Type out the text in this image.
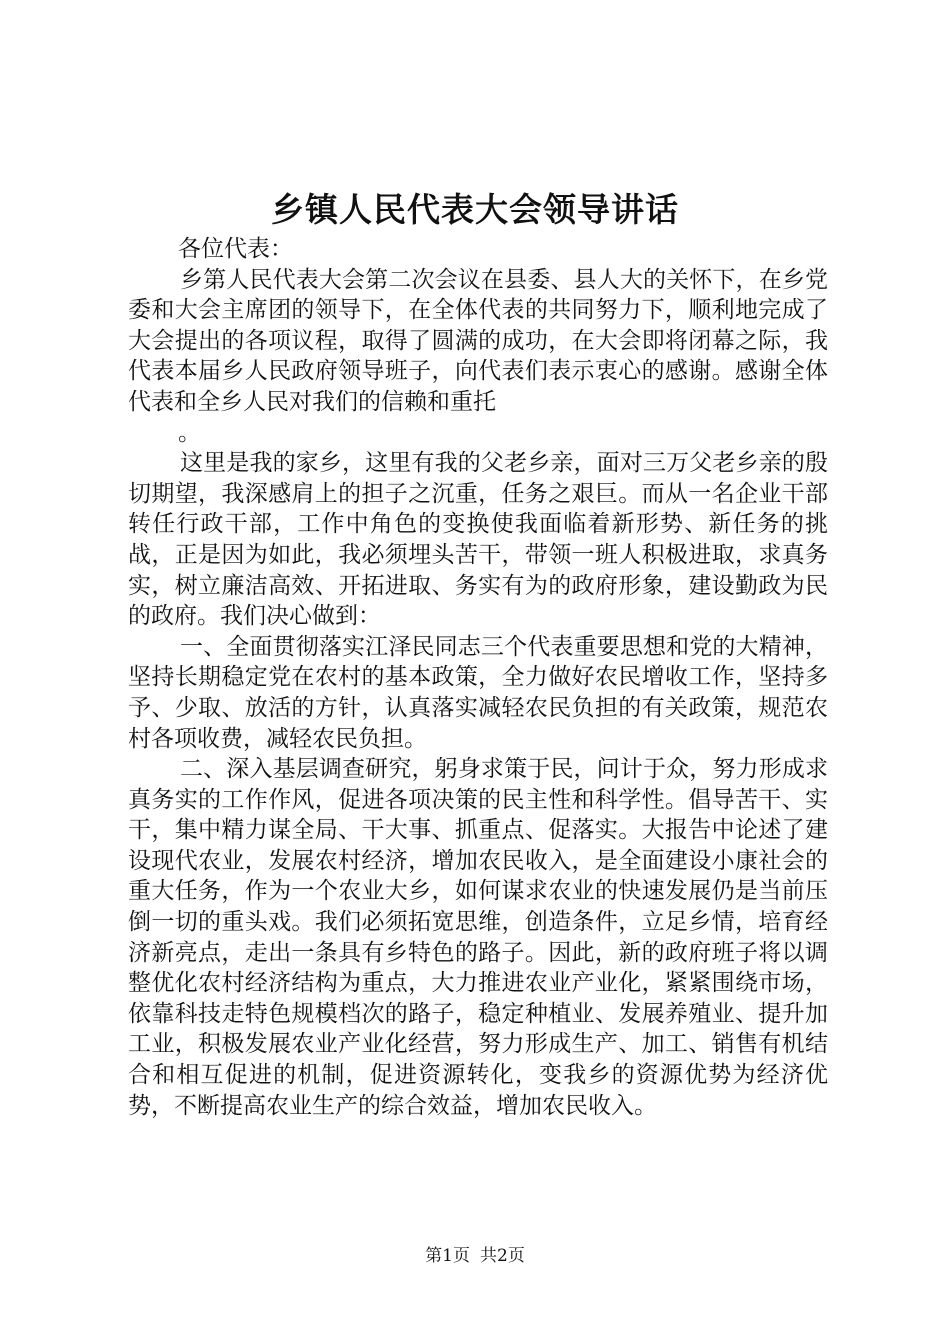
乡镇人民代表大会领导讲话

各位代表：

乡第人民代表大会第二次会议在县委、县人大的关怀下，在乡党委和大会主席团的领导下，在全体代表的共同努力下，顺利地完成了大会提出的各项议程，取得了圆满的成功，在大会即将闭幕之际，我代表本届乡人民政府领导班子，向代表们表示衷心的感谢。感谢全体代表和全乡人民对我们的信赖和重托

。

这里是我的家乡，这里有我的父老乡亲，面对三万父老乡亲的殷切期望，我深感肩上的担子之沉重，任务之艰巨。而从一名企业干部转任行政干部，工作中角色的变换使我面临着新形势、新任务的挑战，正是因为如此，我必须埋头苦干，带领一班人积极进取，求真务实，树立廉洁高效、开拓进取、务实有为的政府形象，建设勤政为民的政府。我们决心做到：

一、全面贯彻落实江泽民同志三个代表重要思想和党的大精神，坚持长期稳定党在农村的基本政策，全力做好农民增收工作，坚持多予、少取、放活的方针，认真落实减轻农民负担的有关政策，规范农村各项收费，减轻农民负担。

二、深入基层调查研究，躬身求策于民，问计于众，努力形成求真务实的工作作风，促进各项决策的民主性和科学性。倡导苦干、实干，集中精力谋全局、干大事、抓重点、促落实。大报告中论述了建设现代农业，发展农村经济，增加农民收入，是全面建设小康社会的重大任务，作为一个农业大乡，如何谋求农业的快速发展仍是当前压倒一切的重头戏。我们必须拓宽思维，创造条件，立足乡情，培育经济新亮点，走出一条具有乡特色的路子。因此，新的政府班子将以调整优化农村经济结构为重点，大力推进农业产业化，紧紧围绕市场，依靠科技走特色规模档次的路子，稳定种植业、发展养殖业、提升加工业，积极发展农业产业化经营，努力形成生产、加工、销售有机结合和相互促进的机制，促进资源转化，变我乡的资源优势为经济优势，不断提高农业生产的综合效益，增加农民收入。

第1页 共2页
